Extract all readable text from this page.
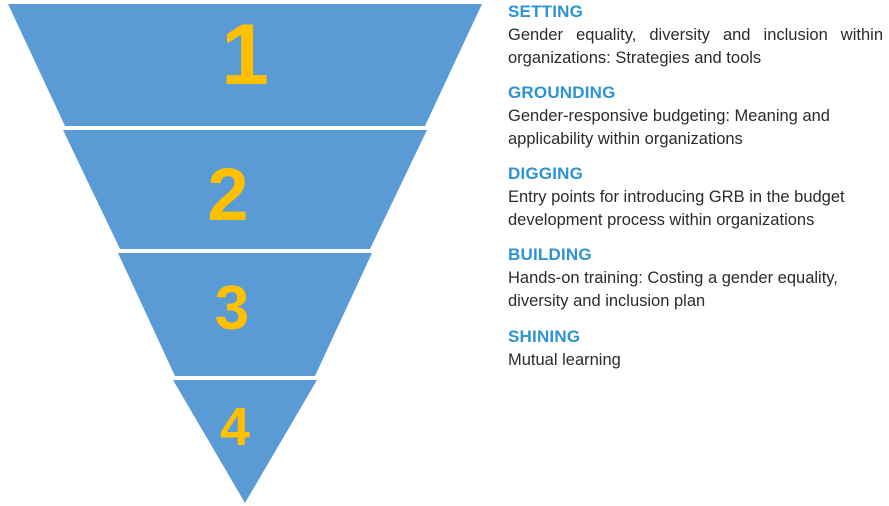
1
2
3
4
SETTING
Gender equality, diversity and inclusion within organizations: Strategies and tools
GROUNDING
Gender-responsive budgeting: Meaning and applicability within organizations
DIGGING
Entry points for introducing GRB in the budget development process within organizations
BUILDING
Hands-on training: Costing a gender equality, diversity and inclusion plan
SHINING
Mutual learning
